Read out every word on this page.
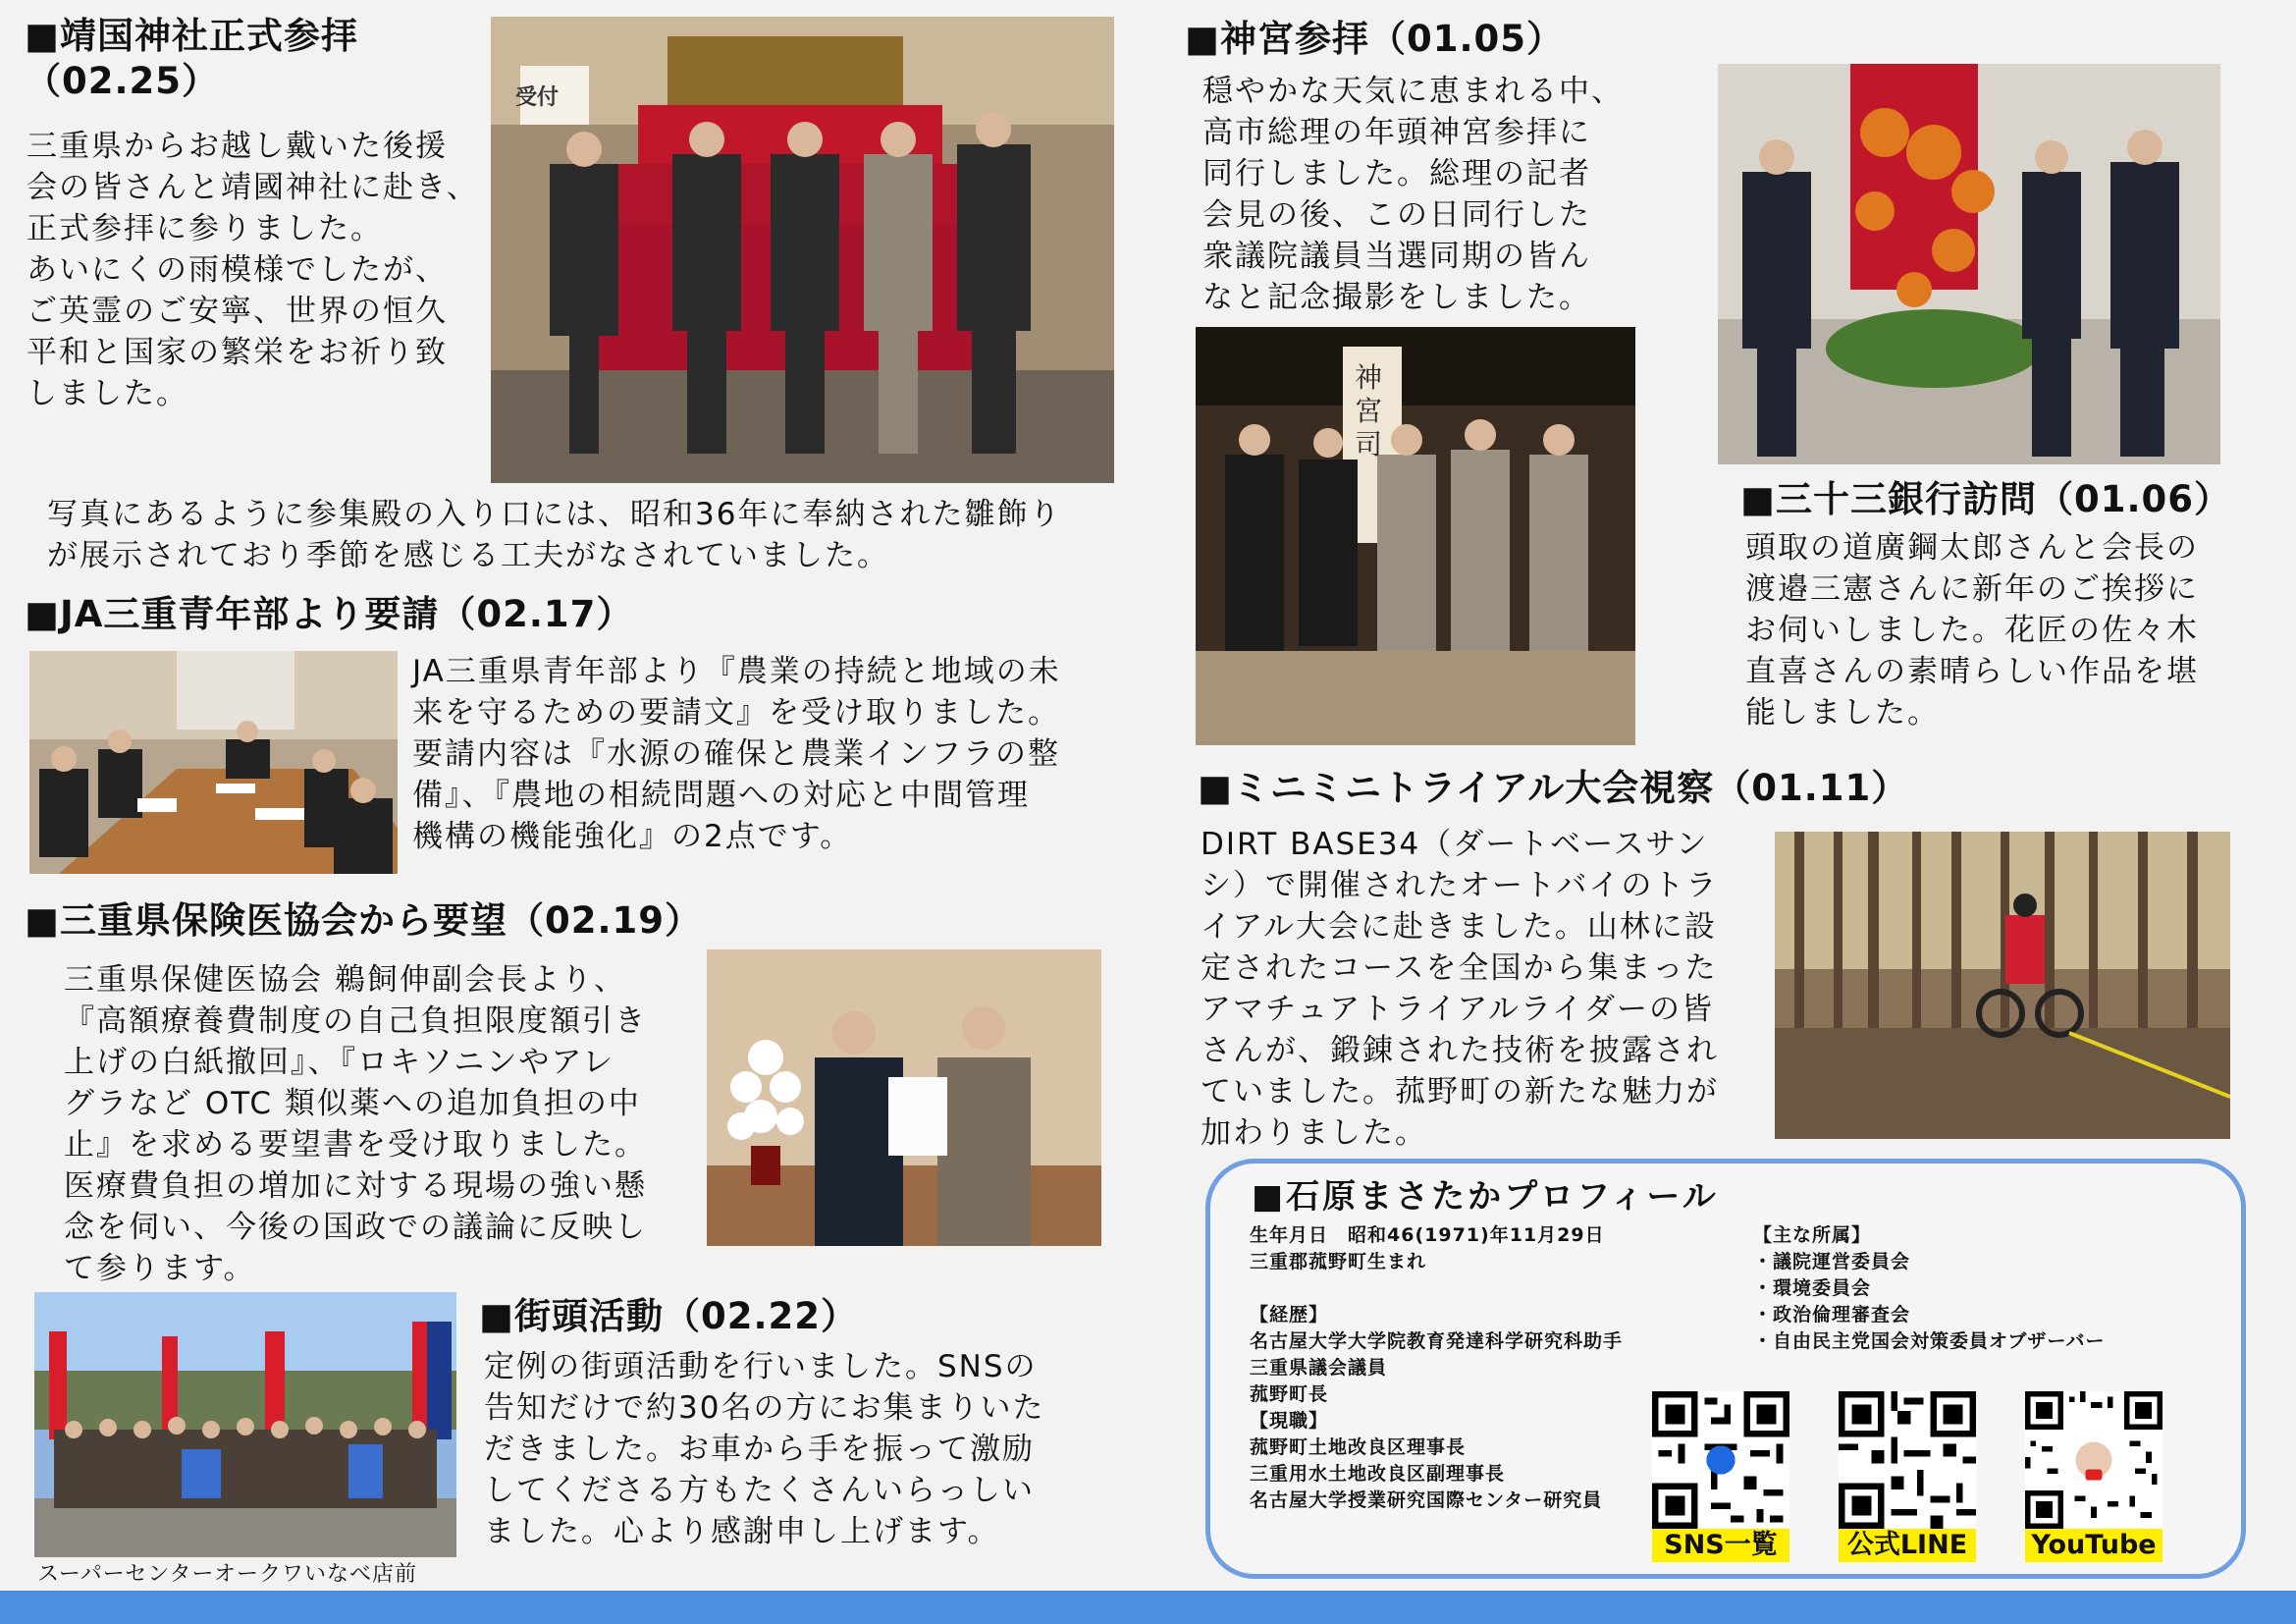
■靖国神社正式参拝
（02.25）
三重県からお越し戴いた後援
会の皆さんと靖國神社に赴き、
正式参拝に参りました。
あいにくの雨模様でしたが、
ご英霊のご安寧、世界の恒久
平和と国家の繁栄をお祈り致
しました。
受付
写真にあるように参集殿の入り口には、昭和36年に奉納された雛飾り
が展示されており季節を感じる工夫がなされていました。
■JA三重青年部より要請（02.17）
JA三重県青年部より『農業の持続と地域の未
来を守るための要請文』を受け取りました。
要請内容は『水源の確保と農業インフラの整
備』、『農地の相続問題への対応と中間管理
機構の機能強化』の2点です。
■三重県保険医協会から要望（02.19）
三重県保健医協会 鵜飼伸副会長より、
『高額療養費制度の自己負担限度額引き
上げの白紙撤回』、『ロキソニンやアレ
グラなど OTC 類似薬への追加負担の中
止』を求める要望書を受け取りました。
医療費負担の増加に対する現場の強い懸
念を伺い、今後の国政での議論に反映し
て参ります。
スーパーセンターオークワいなべ店前
■街頭活動（02.22）
定例の街頭活動を行いました。SNSの
告知だけで約30名の方にお集まりいた
だきました。お車から手を振って激励
してくださる方もたくさんいらっしい
ました。心より感謝申し上げます。
■神宮参拝（01.05）
穏やかな天気に恵まれる中、
高市総理の年頭神宮参拝に
同行しました。総理の記者
会見の後、この日同行した
衆議院議員当選同期の皆ん
なと記念撮影をしました。
神宮司
■三十三銀行訪問（01.06）
頭取の道廣鋼太郎さんと会長の
渡邉三憲さんに新年のご挨拶に
お伺いしました。花匠の佐々木
直喜さんの素晴らしい作品を堪
能しました。
■ミニミニトライアル大会視察（01.11）
DIRT BASE34（ダートベースサン
シ）で開催されたオートバイのトラ
イアル大会に赴きました。山林に設
定されたコースを全国から集まった
アマチュアトライアルライダーの皆
さんが、鍛錬された技術を披露され
ていました。菰野町の新たな魅力が
加わりました。
■石原まさたかプロフィール
生年月日　昭和46(1971)年11月29日
三重郡菰野町生まれ

【経歴】
名古屋大学大学院教育発達科学研究科助手
三重県議会議員
菰野町長
【現職】
菰野町土地改良区理事長
三重用水土地改良区副理事長
名古屋大学授業研究国際センター研究員
【主な所属】
・議院運営委員会
・環境委員会
・政治倫理審査会
・自由民主党国会対策委員オブザーバー
SNS一覧	公式LINE	YouTube
